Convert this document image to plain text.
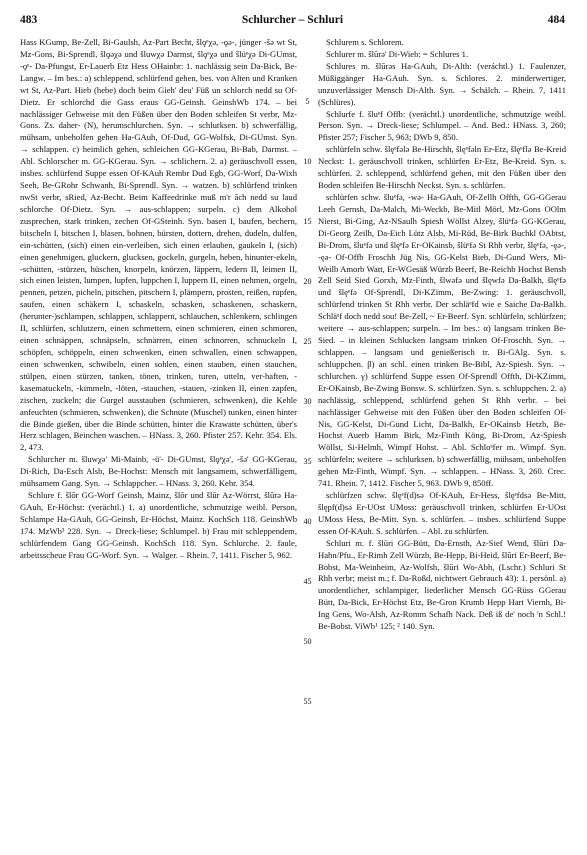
483	Schlurcher – Schluri	484

Hass KGump, Be-Zell, Bi-Gaulsh, Az-Part Becht, šlǫᵉχə, -ǫə-, jünger -šə wt St, Mz-Gons, Bi-Sprendl, šlǫəχə und šluwχə Darmst, šlǫᵉχə und šlüᵉχə Di-GUmst, -ǫᵉ- Da-Pfungst, Er-Lauerb Etz Hess OHainbr: 1. nachlässig sein Da-Bick, Be-Langw. – Im bes.: a) schleppend, schlürfend gehen, bes. von Alten und Kranken wt St, Az-Part. Hieb (hebe) doch beim Gieh' deu' Füß un schlorch nedd su Of-Dietz. Er schlorchd die Gass eraus GG-Geinsh. GeinshWb 174. – bei nachlässiger Gehweise mit den Füßen über den Boden schleifen St verbr, Mz-Gons. Zs. daher- (N), herumschlurchen. Syn. → schlurksen. b) schwerfällig, mühsam, unbeholfen gehen Ha-GAuh, Of-Dud, GG-Wolfsk, Di-GUmst. Syn. → schlappen. c) heimlich gehen, schleichen GG-KGerau, Bi-Bab, Darmst. – Abl. Schlorscher m. GG-KGerau. Syn. → schlichern. 2. a) geräuschvoll essen, insbes. schlürfend Suppe essen Of-KAuh Rembr Dud Egb, GG-Worf, Da-Wixh Seeh, Be-GRohr Schwanh, Bi-Sprendl. Syn. → watzen. b) schlürfend trinken nwSt verbr, sRied, Az-Becht. Beim Kaffeedrinke muß m'r āch nedd su laud schlorche Of-Dietz. Syn. → aus-schlappen; surpeln. c) dem Alkohol zusprechen, stark trinken, zechen Of-GSteinh. Syn. basen I, baufen, bechern, bitscheln I, bitschen I, blasen, bohnen, bürsten, dottern, drehen, dudeln, dulfen, ein-schütten, (sich) einen ein-verleiben, sich einen erlauben, gaukeln I, (sich) einen genehmigen, gluckern, glucksen, gockeln, gurgeln, heben, hinunter-ekeln, -schütten, -stürzen, hüschen, knorpeln, knörzen, läppern, ledern II, leimen II, sich einen leisten, lumpen, lupfen, luppchen I, luppern II, einen nehmen, orgeln, pennen, petzen, picheln, pitschen, pitschern I, plämpern, prosten, reißen, rupfen, saufen, einen schäkern I, schaskeln, schasken, schaskenen, schaskern, (herunter-)schlampen, schlappen, schlappern, schlauchen, schlenkern, schlingen II, schlürfen, schlutzern, einen schmettern, einen schmieren, einen schmoren, einen schnäppen, schnäpseln, schnärren, einen schnorren, schnuckeln I, schöpfen, schöppeln, einen schwenken, einen schwallen, einen schwappen, einen schwenken, schwibeln, einen sohlen, einen stauben, einen stauchen, stülpen, einen stürzen, tanken, tönen, trinken, turen, utteln, ver-haften, -kasematuckeln, -kimmeln, -löten, -stauchen, -stauen, -zinken II, einen zapfen, zischen, zuckeln; die Gurgel ausstauben (schmieren, schwenken), die Kehle anfeuchten (schmieren, schwenken), die Schnute (Muschel) tunken, einen hinter die Binde gießen, über die Binde schütten, hinter die Krawatte schütten, über's Herz schlagen, Beinchen waschen. – HNass. 3, 260. Pfister 257. Kehr. 354. Els. 2, 473.

Schlurcher m. šluwχə' Mi-Mainb, -ü'- Di-GUmst, šlǫᵉχə', -šə' GG-KGerau, Di-Rich, Da-Esch Alsb, Be-Hochst: Mensch mit langsamem, schwerfälligem, mühsamem Gang. Syn. → Schlappcher. – HNass. 3, 260. Kehr. 354.

Schlure f. šlōr GG-Worf Geinsh, Mainz, šlōr und šlūr Az-Wörrst, šlūrə Ha-GAuh, Er-Höchst: (verächtl.) 1. a) unordentliche, schmutzige weibl. Person, Schlampe Ha-GAuh, GG-Geinsh, Er-Höchst, Mainz. KochSch 118. GeinshWb 174. MzWb³ 228. Syn. → Dreck-liese; Schlumpel. b) Frau mit schleppendem, schlürfendem Gang GG-Geinsh. KochSch 118. Syn. Schlurche. 2. faule, arbeitsscheue Frau GG-Worf. Syn. → Walger. – Rhein. 7, 1411. Fischer 5, 962.

5
10
15
20
25
30
35
40
45
50
55

Schlurem s. Schlorem.

Schlurer m. šlūrə' Di-Wieb: = Schlures 1.

Schlures m. šlūrəs Ha-GAuh, Di-Alth: (veráchtl.) 1. Faulenzer, Müßiggänger Ha-GAuh. Syn. s. Schlores. 2. minderwertiger, unzuverlässiger Mensch Di-Alth. Syn. → Schälch. – Rhein. 7, 1411 (Schlüres).

Schlurfe f. šluᵉf Offb: (verächtl.) unordentliche, schmutzige weibl. Person. Syn. → Dreck-liese; Schlumpel. – And. Bed.: HNass. 3, 260; Pfister 257; Fischer 5, 963; DWb 9, 850.

schlürfeln schw. šlęᵉfələ Be-Hirschh, šlęᵉfəln Er-Etz, šlęᵉflə Be-Kreid Neckst: 1. geräuschvoll trinken, schlürfen Er-Etz, Be-Kreid. Syn. s. schlürfen. 2. schleppend, schlürfend gehen, mit den Füßen über den Boden schleifen Be-Hirschh Neckst. Syn. s. schlürfen.

schlürfen schw. šluᵉfə, -wə- Ha-GAuh, Of-Zellh Offth, GG-GGerau Leeh Gernsh, Da-Malch, Mi-Weckb, Be-Mitl Mörl, Mz-Gons OOlm Nierst, Bi-Ging, Az-NSaulh Spiesh Wöllst Alzey, šlüᵉfə GG-KGerau, Di-Georg Zeilh, Da-Eich Lütz Alsb, Mi-Rüd, Be-Birk Buchkl OAbtst, Bi-Drom, šluᵉfə und šlęᵉfə Er-OKainsb, šlüᵉfə St Rhh verbr, šlęᵉfə, -ęə-, -ęə- Of-Offb Froschh Jüg Nis, GG-Kelst Bieb, Di-Gund Wers, Mi-Weilb Amorb Watt, Er-WGesäß Würzb Beerf, Be-Reichb Hochst Bensh Zell Seid Sied Gorxh, Mz-Finth, šlwəfə und šlęwfə Da-Balkh, šlęᵉfə und šlęᵉfə Of-Sprendl, Di-KZimm, Be-Zwing: 1. geräuschvoll, schlürfend trinken St Rhh verbr. Der schläᵉfd wie e Saiche Da-Balkh. Schläᵉf doch nedd sou! Be-Zell, ~ Er-Beerf. Syn. schlürfeln, schlürfzen; weitere → aus-schlappen; surpeln. – Im bes.: α) langsam trinken Be-Sied. – in kleinen Schlucken langsam trinken Of-Froschh. Syn. → schlappen. – langsam und genießerisch tr. Bi-GAlg. Syn. s. schluppchen. β) an schl. einen trinken Be-Bibl, Az-Spiesh. Syn. → schlurchen. γ) schlürfend Suppe essen Of-Sprendl Offth, Di-KZimm, Er-OKainsb, Be-Zwing Bonsw. S. schlürfzen. Syn. s. schluppchen. 2. a) nachlässig, schleppend, schlürfend gehen St Rhh verbr. – bei nachlässiger Gehweise mit den Füßen über den Boden schleifen Of-Nis, GG-Kelst, Di-Gund Licht, Da-Balkh, Er-OKainsb Hetzb, Be-Hochst Auerb Hamm Birk, Mz-Finth Köng, Bi-Drom, Az-Spiesh Wöllst, Si-Helmh, Wimpf Hohst. – Abl. Schloᵉfer m. Wimpf. Syn. schlürfeln; weitere → schlurksen. b) schwerfällig, mühsam, unbeholfen gehen Mz-Finth, Wimpf. Syn. → schlappen. – HNass. 3, 260. Crec. 741. Rhein. 7, 1412. Fischer 5, 963. DWb 9, 850ff.

schlürfzen schw. šlęᵉf(d)sə Of-KAuh, Er-Hess, šlęᵉfdsə Be-Mitt, šlępf(d)sə Er-UOst UMoss: geräuschvoll trinken, schlürfen Er-UOst UMoss Hess, Be-Mitt. Syn. s. schlürfen. – insbes. schlürfend Suppe essen Of-KAuh. S. schlürfen. – Abl. zu schlürfen.

Schluri m. f. šlūri GG-Bütt, Da-Ernsth, Az-Sief Wend, šlūri Da-Hahn/Pfu., Er-Rimh Zell Würzb, Be-Hepp, Bi-Heid, šlūri Er-Beerf, Be-Bobst, Ma-Weinheim, Az-Wolfsh, šlūri Wo-Abh, (Lschr.) Schluri St Rhh verbr; meist m.; f. Da-Roßd, nichtwert Gebrauch 43): 1. persönl. a) unordentlicher, schlampiger, liederlicher Mensch GG-Rüss GGerau Bütt, Da-Bick, Er-Höchst Etz, Be-Gron Krumb Hepp Hart Viernh, Bi-Ing Gens, Wo-Alsh, Az-Romm Schafh Nack. Deß iß de' noch 'n Schl.! Be-Bobst. ViWb¹ 125; ² 140. Syn.
